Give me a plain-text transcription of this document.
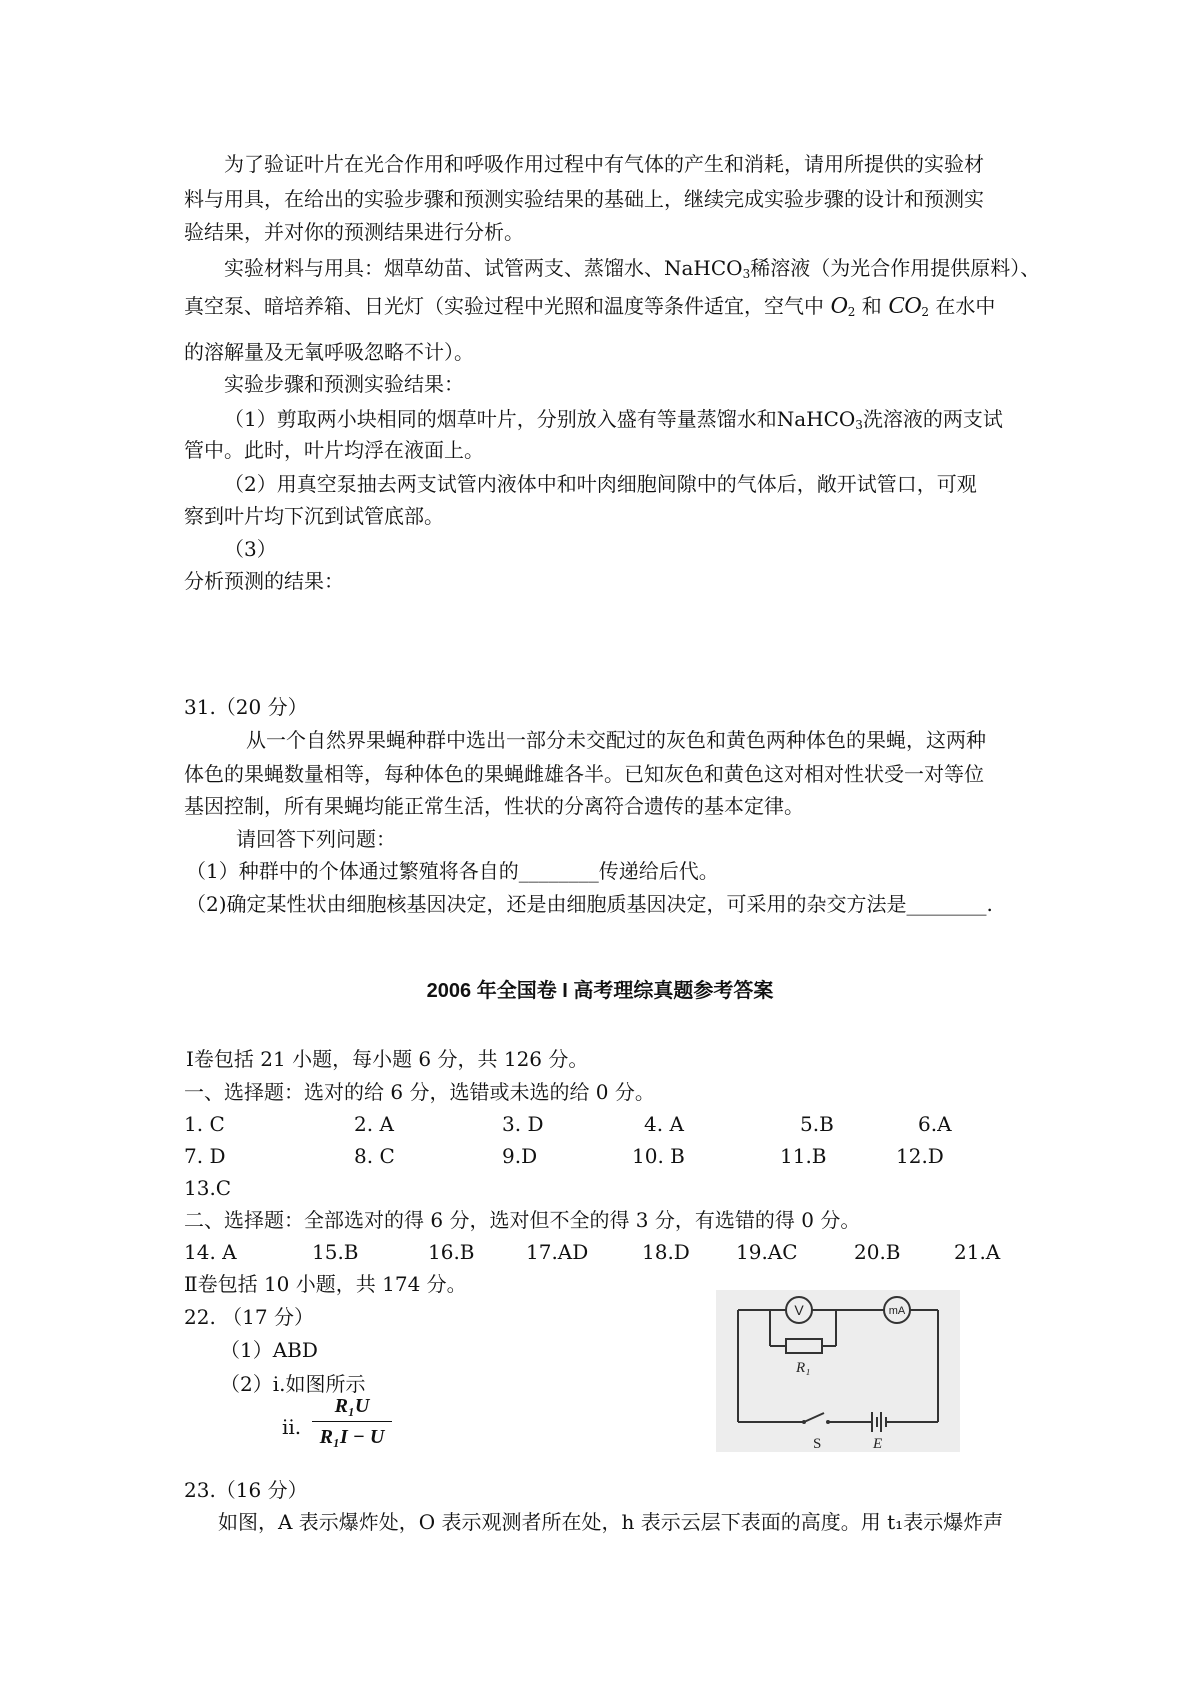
为了验证叶片在光合作用和呼吸作用过程中有气体的产生和消耗，请用所提供的实验材
料与用具，在给出的实验步骤和预测实验结果的基础上，继续完成实验步骤的设计和预测实
验结果，并对你的预测结果进行分析。
实验材料与用具：烟草幼苗、试管两支、蒸馏水、NaHCO$_3$稀溶液（为光合作用提供原料）、
真空泵、暗培养箱、日光灯（实验过程中光照和温度等条件适宜，空气中 $O_2$ 和 $CO_2$ 在水中
的溶解量及无氧呼吸忽略不计）。
实验步骤和预测实验结果：
（1）剪取两小块相同的烟草叶片，分别放入盛有等量蒸馏水和NaHCO$_3$洗溶液的两支试
管中。此时，叶片均浮在液面上。
（2）用真空泵抽去两支试管内液体中和叶肉细胞间隙中的气体后，敞开试管口，可观
察到叶片均下沉到试管底部。
（3）
分析预测的结果：
31.（20 分）
从一个自然界果蝇种群中选出一部分未交配过的灰色和黄色两种体色的果蝇，这两种
体色的果蝇数量相等，每种体色的果蝇雌雄各半。已知灰色和黄色这对相对性状受一对等位
基因控制，所有果蝇均能正常生活，性状的分离符合遗传的基本定律。
请回答下列问题：
（1）种群中的个体通过繁殖将各自的________传递给后代。
（2)确定某性状由细胞核基因决定，还是由细胞质基因决定，可采用的杂交方法是________.
2006 年全国卷 I 高考理综真题参考答案
Ⅰ卷包括 21 小题，每小题 6 分，共 126 分。
一、选择题：选对的给 6 分，选错或未选的给 0 分。
1. C	2. A	3. D	4. A	5.B	6.A
7. D	8. C	9.D	10. B	11.B	12.D
13.C
二、选择题：全部选对的得 6 分，选对但不全的得 3 分，有选错的得 0 分。
14. A	15.B	16.B	17.AD	18.D 19.AC	20.B	21.A
Ⅱ卷包括 10 小题，共 174 分。
22. （17 分）
（1）ABD
（2）ⅰ.如图所示
ⅱ.
R₁U
R₁I − U
V	mA
R₁
S	E
23.（16 分）
如图，A 表示爆炸处，O 表示观测者所在处，h 表示云层下表面的高度。用 t₁表示爆炸声
